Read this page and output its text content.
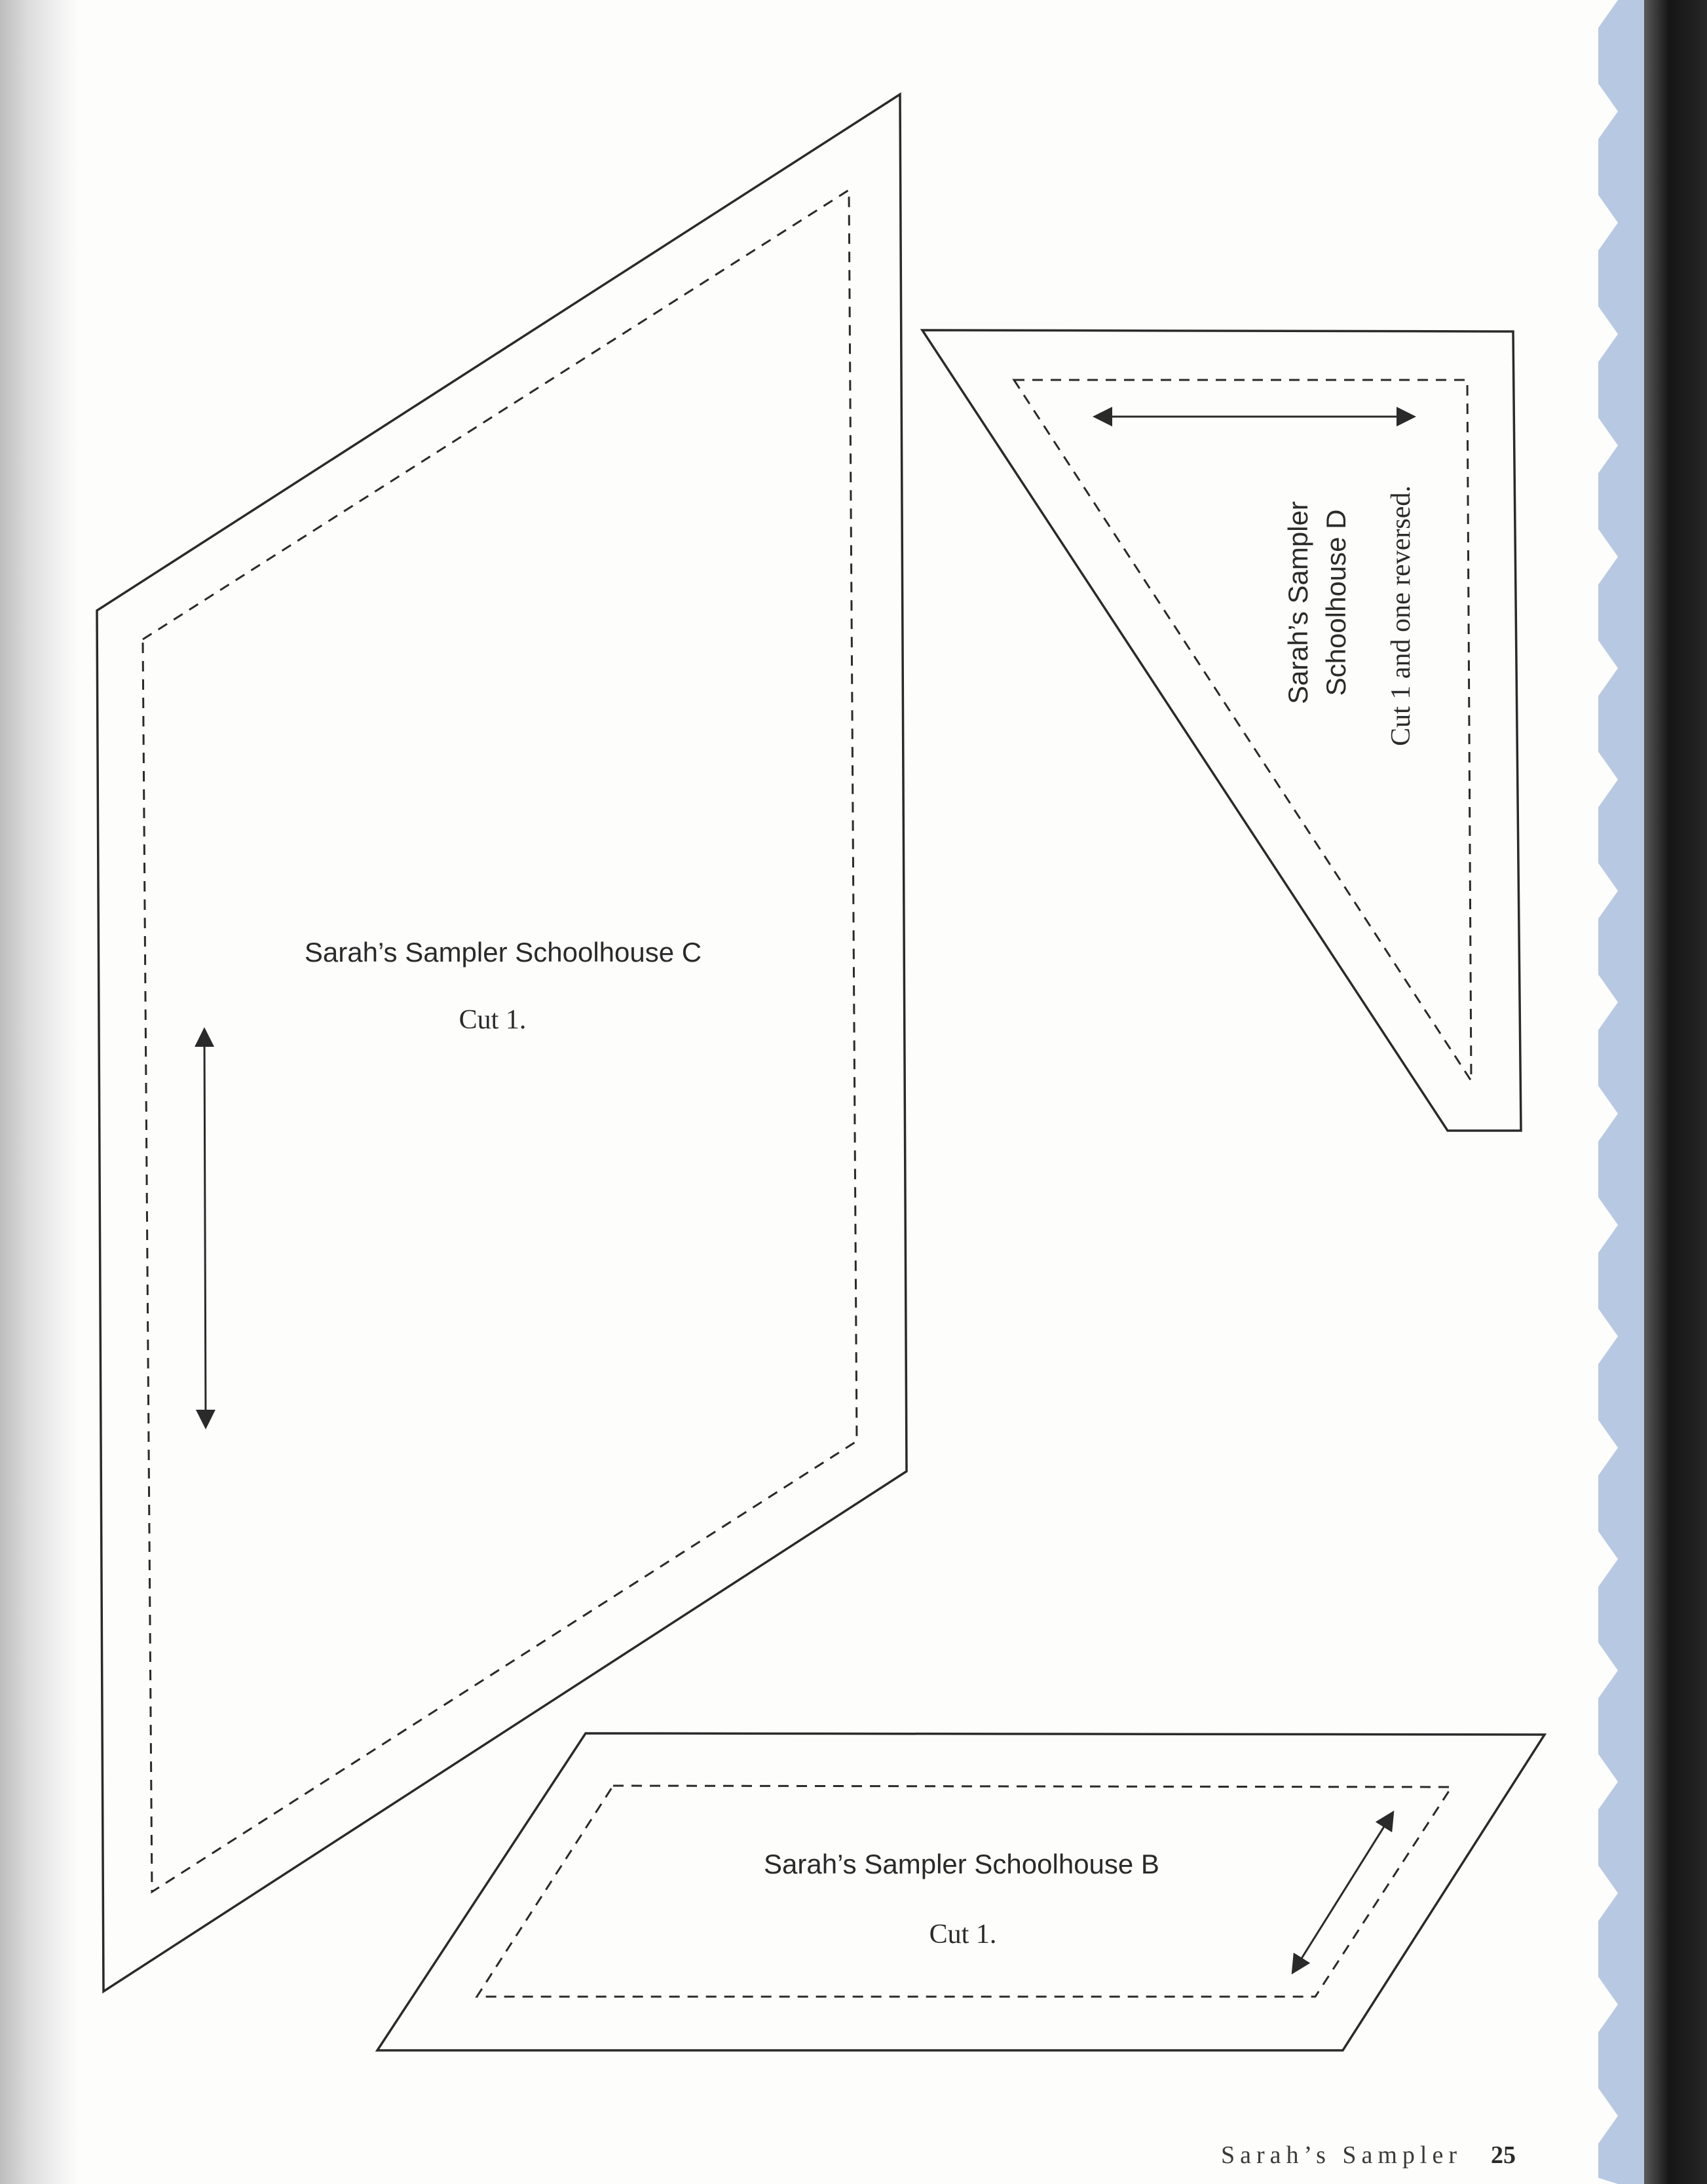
Sarah’s Sampler Schoolhouse C
Cut 1.
Sarah’s Sampler Schoolhouse D Cut 1 and one reversed.
Sarah’s Sampler Schoolhouse B
Cut 1.
Sarah’s Sampler 25
